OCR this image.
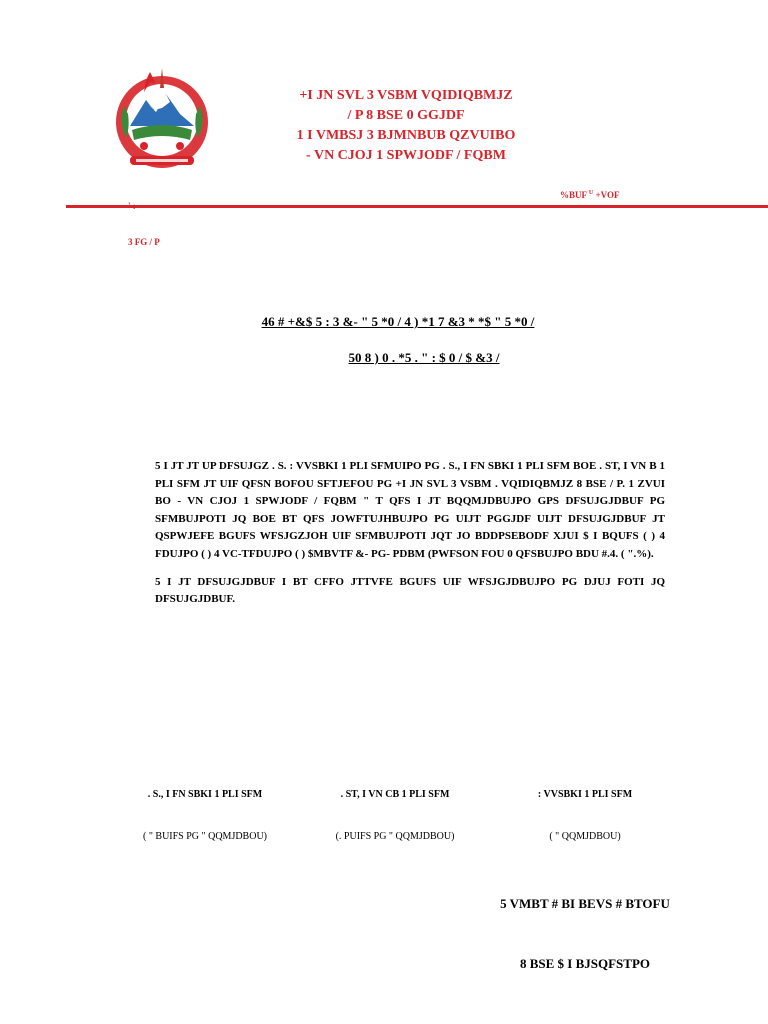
+I JN SVL 3 VSBM VQIDIQBMJZ
/ P 8 BSE 0 GGJDF
1 I VMBSJ 3 BJMNBUB QZVUIBO
- VN CJOJ 1 SPWJODF / FQBM

3 FG / P

%BUF $^U$ +VOF
46 # +&$ 5 : 3 &- " 5 *0 / 4 ) *1 7 &3 * *$ " 5 *0 /
50 8 ) 0 . *5 . " : $ 0 / $ &3 /

5 I JT JT UP DFSUJGZ . S. : VVSBKI 1 PLI SFMUIPO PG . S., I FN SBKI 1 PLI SFM BOE . ST, I VN B 1 PLI SFM JT UIF QFSN BOFOU SFTJEFOU PG +I JN SVL 3 VSBM . VQIDIQBMJZ 8 BSE / P. 1 ZVUI BO - VN CJOJ 1 SPWJODF / FQBM " T QFS I JT BQQMJDBUJPO GPS DFSUJGJDBUF PG SFMBUJPOTI JQ BOE BT QFS JOWFTUJHBUJPO PG UIJT PGGJDF UIJT DFSUJGJDBUF JT QSPWJEFE BGUFS WFSJGZJOH UIF SFMBUJPOTI JQT JO BDDPSEBODF XJUI $ I BQUFS ( ) 4 FDUJPO ( ) 4 VC-TFDUJPO ( ) $MBVTF &- PG- PDBM (PWFSON FOU 0 QFSBUJPO BDU #.4. ( ".%).

5 I JT DFSUJGJDBUF I BT CFFO JTTVFE BGUFS UIF WFSJGJDBUJPO PG DJUJ FOTI JQ DFSUJGJDBUF.

. S., I FN SBKI 1 PLI SFM

( " BUIFS PG " QQMJDBOU)

. ST, I VN CB 1 PLI SFM

(. PUIFS PG " QQMJDBOU)

: VVSBKI 1 PLI SFM

( " QQMJDBOU)

5 VMBT # BI BEVS # BTOFU

8 BSE $ I BJSQFSTPO
